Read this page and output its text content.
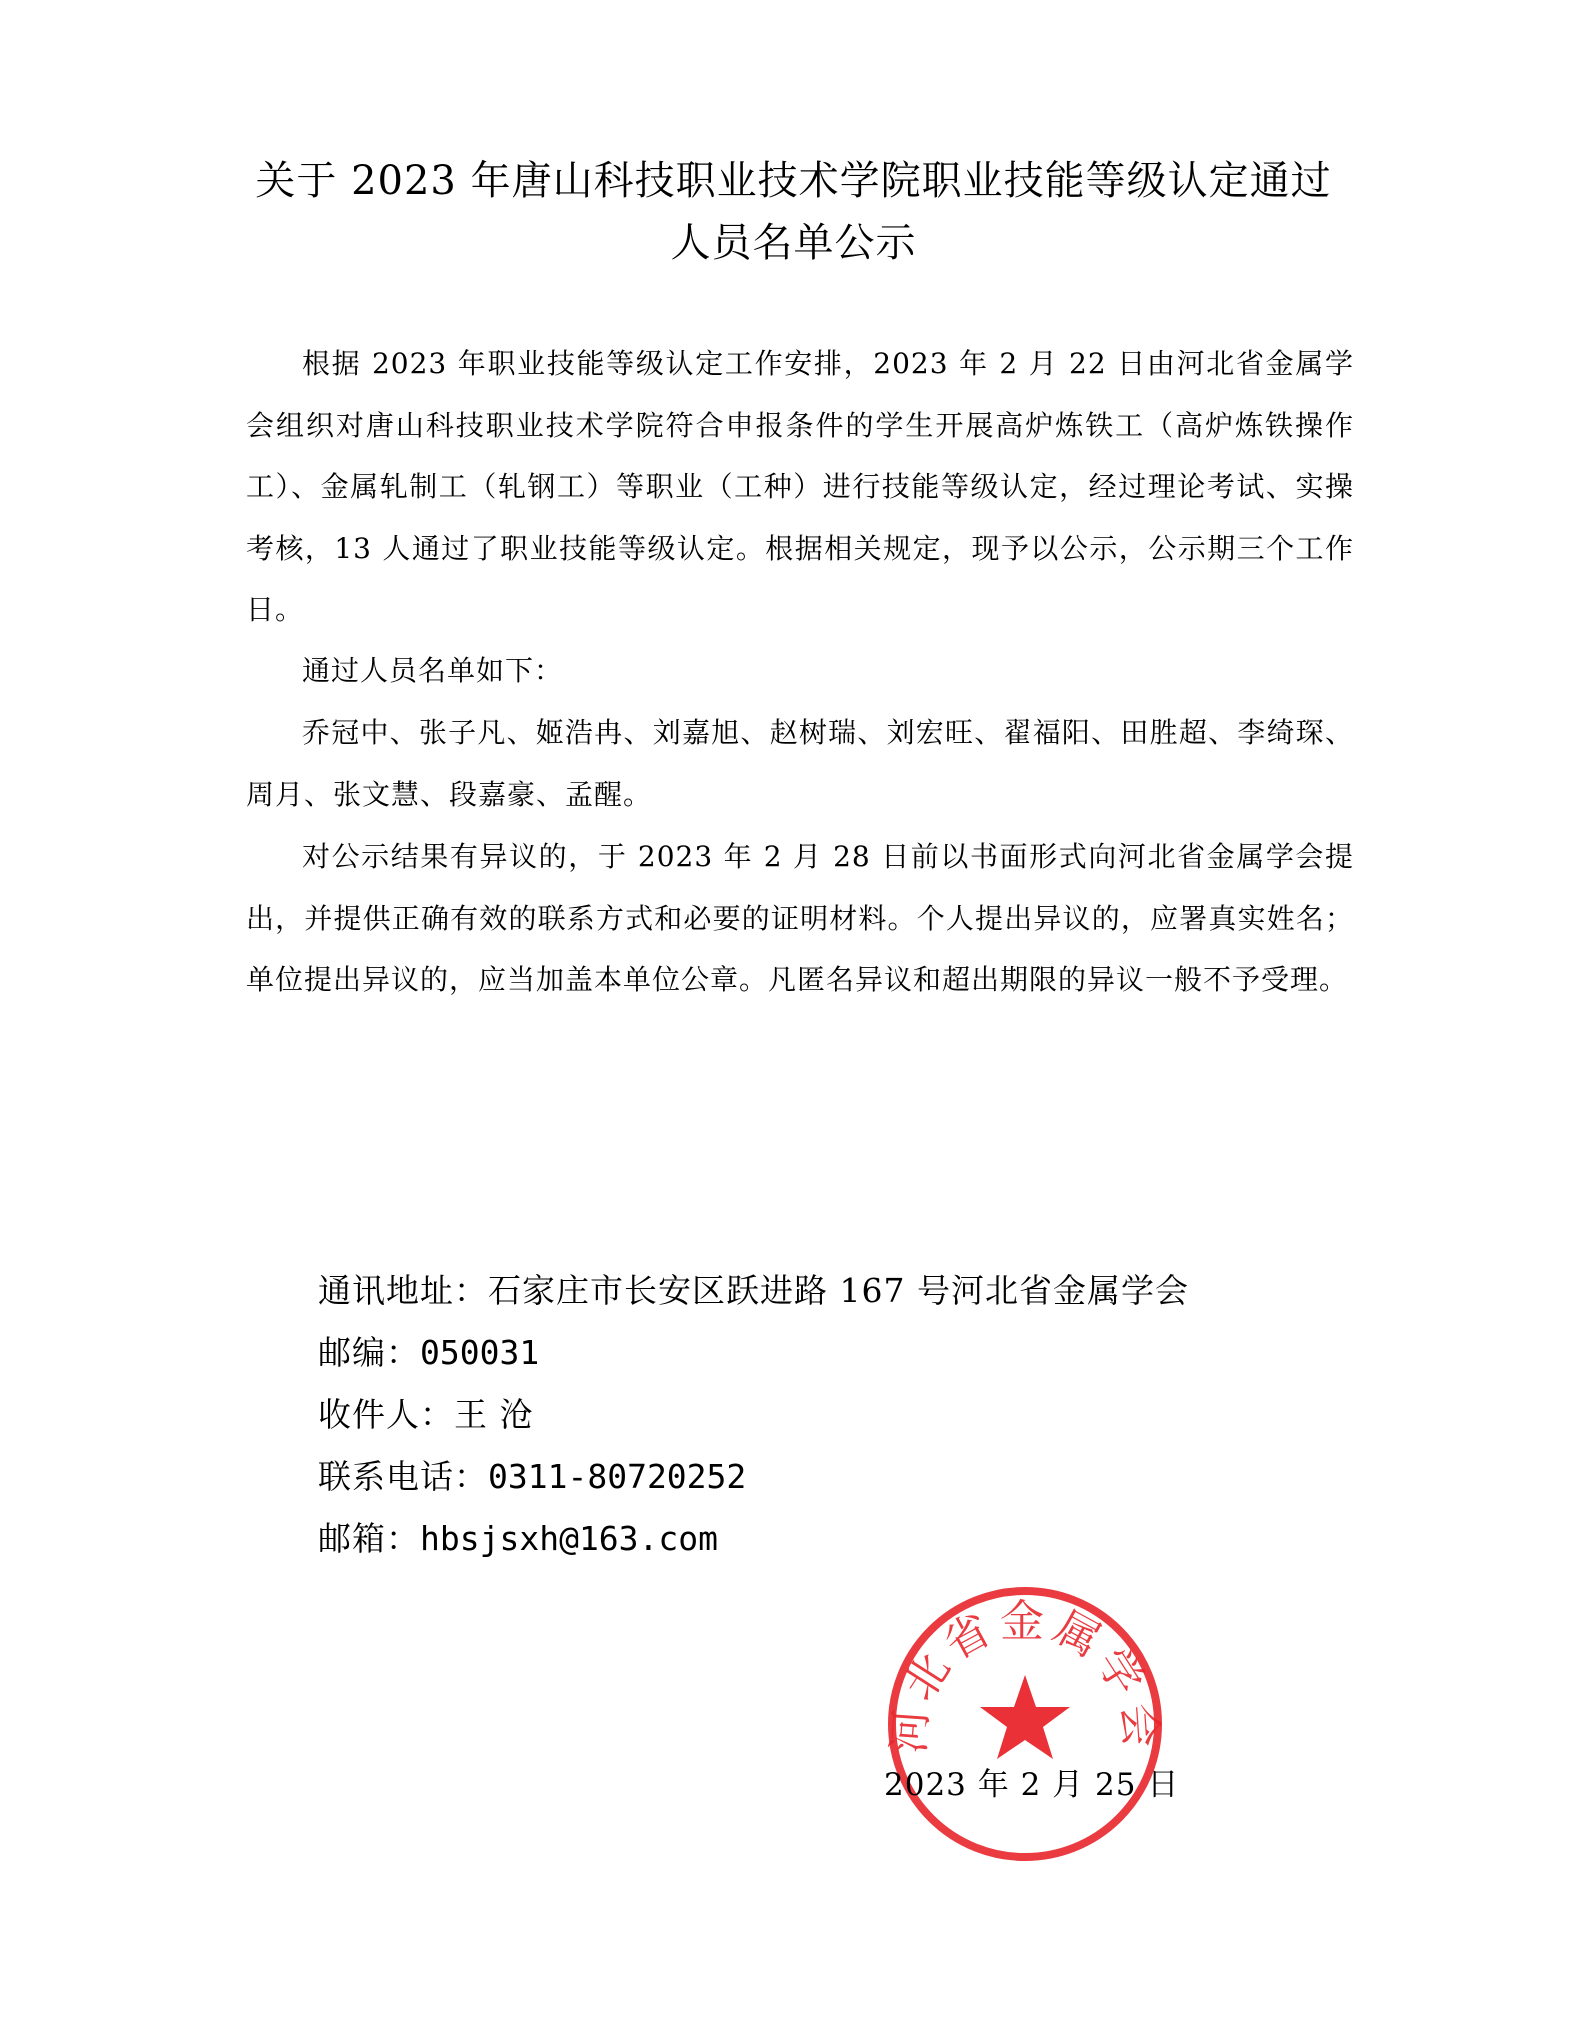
关于 2023 年唐山科技职业技术学院职业技能等级认定通过
人员名单公示

根据 2023 年职业技能等级认定工作安排，2023 年 2 月 22 日由河北省金属学会组织对唐山科技职业技术学院符合申报条件的学生开展高炉炼铁工（高炉炼铁操作工）、金属轧制工（轧钢工）等职业（工种）进行技能等级认定，经过理论考试、实操考核，13 人通过了职业技能等级认定。根据相关规定，现予以公示，公示期三个工作日。

通过人员名单如下：

乔冠中、张子凡、姬浩冉、刘嘉旭、赵树瑞、刘宏旺、翟福阳、田胜超、李绮琛、周月、张文慧、段嘉豪、孟醒。

对公示结果有异议的，于 2023 年 2 月 28 日前以书面形式向河北省金属学会提出，并提供正确有效的联系方式和必要的证明材料。个人提出异议的，应署真实姓名；单位提出异议的，应当加盖本单位公章。凡匿名异议和超出期限的异议一般不予受理。

通讯地址：石家庄市长安区跃进路 167 号河北省金属学会
邮编：050031
收件人：王 沧
联系电话：0311-80720252
邮箱：hbsjsxh@163.com
河北省金属学会
2023 年 2 月 25 日
